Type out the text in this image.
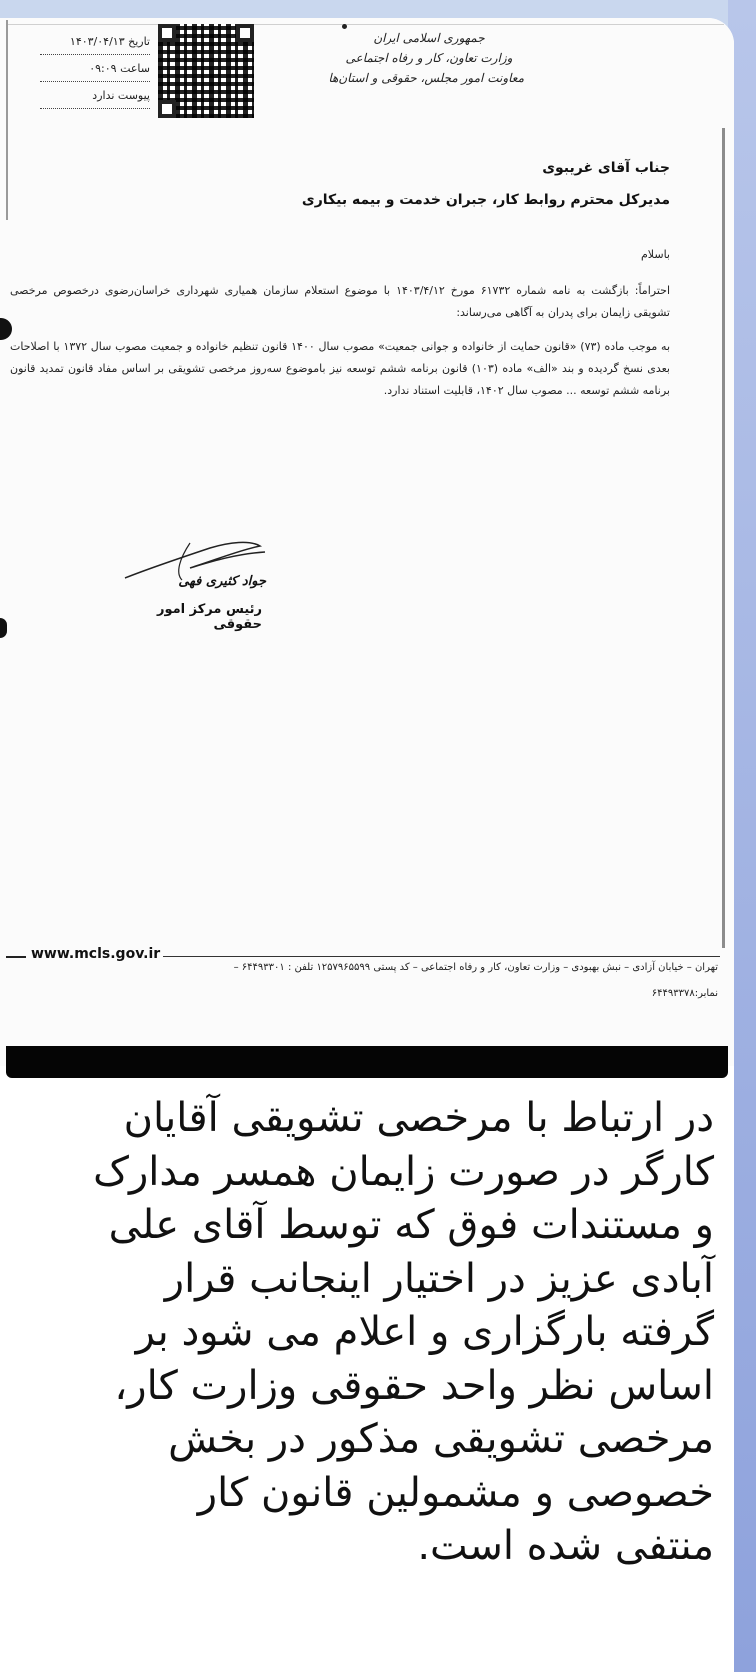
تاریخ ۱۴۰۳/۰۴/۱۳
ساعت ۰۹:۰۹
پیوست ندارد
جمهوری اسلامی ایران
وزارت تعاون، کار و رفاه اجتماعی
معاونت امور مجلس، حقوقی و استان‌ها
جناب آقای غریبوی
مدیرکل محترم روابط کار، جبران خدمت و بیمه بیکاری
باسلام
احتراماً: بازگشت به نامه شماره ۶۱۷۳۲ مورخ ۱۴۰۳/۴/۱۲ با موضوع استعلام سازمان همیاری شهرداری خراسان‌رضوی درخصوص مرخصی تشویقی زایمان برای پدران به آگاهی می‌رساند:
به موجب ماده (۷۳) «قانون حمایت از خانواده و جوانی جمعیت» مصوب سال ۱۴۰۰ قانون تنظیم خانواده و جمعیت مصوب سال ۱۳۷۲ با اصلاحات بعدی نسخ گردیده و بند «الف» ماده (۱۰۳) قانون برنامه ششم توسعه نیز باموضوع سه‌روز مرخصی تشویقی بر اساس مفاد قانون تمدید قانون برنامه ششم توسعه ... مصوب سال ۱۴۰۲، قابلیت استناد ندارد.
جواد کثیری فهی
رئیس مرکز امور حقوقی
www.mcls.gov.ir
تهران – خیابان آزادی – نبش بهبودی – وزارت تعاون، کار و رفاه اجتماعی – کد پستی ۱۲۵۷۹۶۵۵۹۹ تلفن : ۶۴۴۹۳۳۰۱ –
نمابر:۶۴۴۹۳۳۷۸
در ارتباط با مرخصی تشویقی آقایان
کارگر در صورت زایمان همسر مدارک
و مستندات فوق که توسط آقای علی
آبادی عزیز در اختیار اینجانب قرار
گرفته بارگزاری و اعلام می شود بر
اساس نظر واحد حقوقی وزارت کار،
مرخصی تشویقی مذکور در بخش
خصوصی و مشمولین قانون کار
منتفی شده است.
